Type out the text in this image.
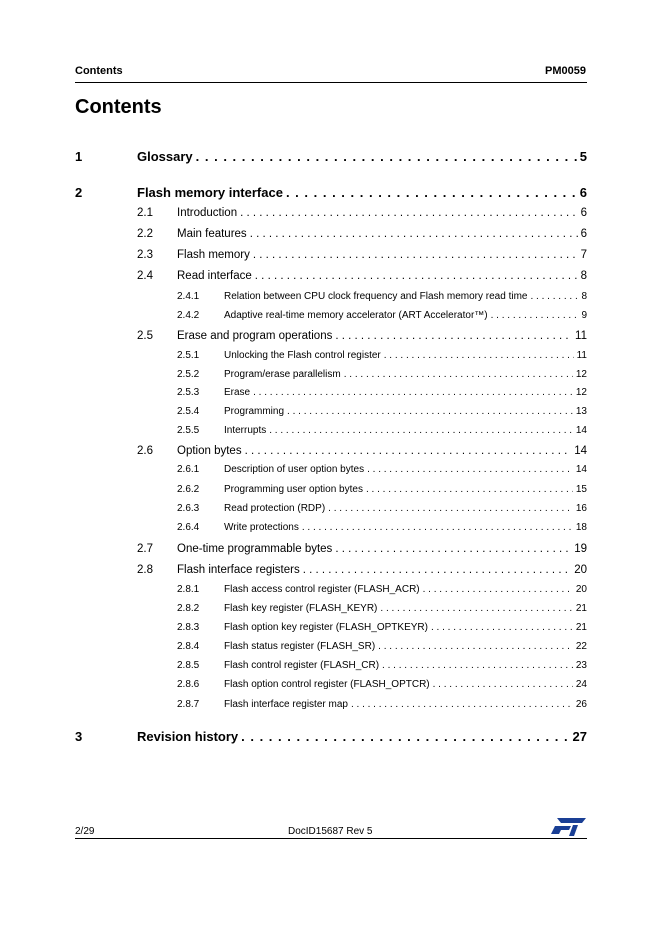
Contents	PM0059
Contents
1	Glossary . . .	5
2	Flash memory interface . . .	6
2.1 Introduction . . .	6
2.2 Main features . . .	6
2.3 Flash memory . . .	7
2.4 Read interface . . .	8
2.4.1 Relation between CPU clock frequency and Flash memory read time . . .	8
2.4.2 Adaptive real-time memory accelerator (ART Accelerator™) . . .	9
2.5 Erase and program operations . . .	11
2.5.1 Unlocking the Flash control register . . .	11
2.5.2 Program/erase parallelism . . .	12
2.5.3 Erase . . .	12
2.5.4 Programming . . .	13
2.5.5 Interrupts . . .	14
2.6 Option bytes . . .	14
2.6.1 Description of user option bytes . . .	14
2.6.2 Programming user option bytes . . .	15
2.6.3 Read protection (RDP) . . .	16
2.6.4 Write protections . . .	18
2.7 One-time programmable bytes . . .	19
2.8 Flash interface registers . . .	20
2.8.1 Flash access control register (FLASH_ACR) . . .	20
2.8.2 Flash key register (FLASH_KEYR) . . .	21
2.8.3 Flash option key register (FLASH_OPTKEYR) . . .	21
2.8.4 Flash status register (FLASH_SR) . . .	22
2.8.5 Flash control register (FLASH_CR) . . .	23
2.8.6 Flash option control register (FLASH_OPTCR) . . .	24
2.8.7 Flash interface register map . . .	26
3	Revision history . . .	27
2/29	DocID15687 Rev 5
